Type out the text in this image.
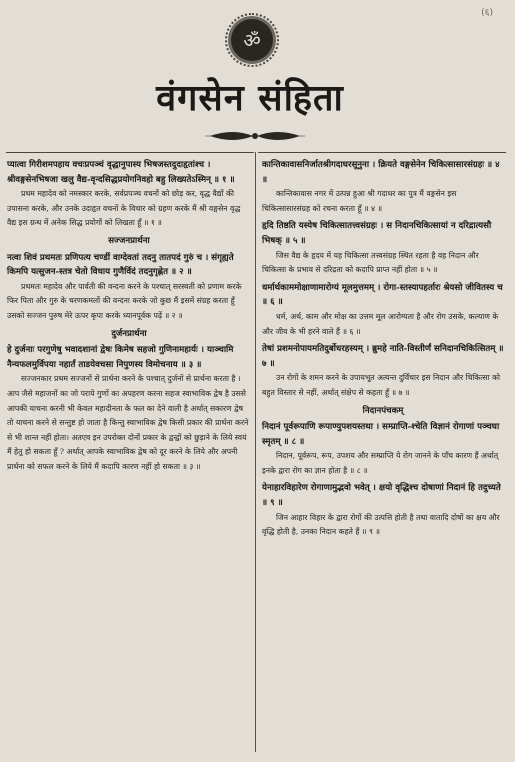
(६)
ॐ
वंगसेन संहिता
प्यात्वा गिरीशमपहाय वचःप्रपञ्चं वृद्धानुपास्य भिषजस्तदुदाहृतांश्च । श्रीवङ्गसेनभिषजा खलु वैद्य-वृन्दसिद्धप्रयोगनिवहो बहु लिख्यतेऽस्मिन् ॥ १ ॥
प्रथम महादेव को नमस्कार करके, सर्वप्रपञ्च वचनों को छोड़ कर, वृद्ध वैद्यों की उपासना करके, और उनके उदाहृत वचनों के विचार को ग्रहण करके मैं श्री वङ्गसेन वृद्ध वैद्य इस ग्रन्थ में अनेक सिद्ध प्रयोगों को लिखता हूँ ॥ १ ॥
सज्जनप्रार्थना
नत्वा शिवं प्रथमतः प्रणिपत्य चण्डीं वाग्देवतां तदनु तातपदं गुरुं च । संगृह्यते किमपि यत्सुजन-स्तत्र चेतो विधाय गुणैर्विदं तदनुगृह्णेत ॥ २ ॥
प्रथमतः महादेव और पार्वती की वन्दना करने के पश्चात् सरस्वती को प्रणाम करके फिर पिता और गुरु के चरणकमलों की वन्दना करके जो कुछ मैं इसमें संग्रह करता हूँ उसको सज्जन पुरुष मेरे ऊपर कृपा करके ध्यानपूर्वक पढ़ें ॥ २ ॥
दुर्जनप्रार्थना
हे दुर्जनाः परगुणेषु भवादशानां द्वेषः किमेष सहजो गुणिनामहार्यः । याञ्चामि नैन्यफलमुर्विपया नहार्तं ताडयेवचसा निपुणस्य विमोचनाय ॥ ३ ॥
सज्जनकार प्रथम सज्जनों से प्रार्थना करने के पश्चात् दुर्जनों से प्रार्थना करता है । आप जैसे महाजनों का जो पराये गुणों का अपहरण करना सहज स्वाभाविक द्वेष है उससे आपकी याचना करनी भी केवल महादीनता के फल का देने वाली है अर्थात् सकारण द्वेष तो याचना करने से सन्तुष्ट हो जाता है किन्तु स्वाभाविक द्वेष किसी प्रकार की प्रार्थना करने से भी शान्त नहीं होता। अतएव इन उपरोक्त दोनों प्रकार के द्वन्द्वों को छुड़ाने के लिये स्वयं मैं हेतु हो सकता हूँ ? अर्थात् आपके स्वाभाविक द्वेष को दूर करने के लिये और अपनी प्रार्थना को सफल करने के लिये मैं कदापि कारण नहीं हो सकता ॥ ३ ॥
कान्तिकावासनिर्जातश्रीगदाधरसूनुना । क्रियते वङ्गसेनेन चिकित्सासारसंग्रहः ॥ ४ ॥
कान्तिकावास नगर में उत्पन्न हुआ श्री गदाधर का पुत्र मैं वङ्गसेन इस चिकित्सासारसंग्रह को रचना करता हूँ ॥ ४ ॥
हृदि तिष्ठति यस्येष चिकित्सातत्त्वसंग्रहः । स निदानचिकित्सायां न दरिद्रात्यसौ भिषक् ॥ ५ ॥
जिस वैद्य के हृदय में यह चिकित्सा तत्त्वसंग्रह स्थित रहता है वह निदान और चिकित्सा के प्रभाव से दरिद्रता को कदापि प्राप्त नहीं होता ॥ ५ ॥
धर्मार्थकाममोक्षाणामारोग्यं मूलमुत्तमम् । रोगा-स्तस्यापहर्तारः श्रेयसो जीवितस्य च ॥ ६ ॥
धर्म, अर्थ, काम और मोक्ष का उत्तम मूल आरोग्यता है और रोग उसके, कल्याण के और जीव के भी हरने वाले हैं ॥ ६ ॥
तेषां प्रशमनोपायमतिदुर्बोधरहस्यम् । ब्रुमहे नाति-विस्तीर्णं सनिदानचिकित्सितम् ॥ ७ ॥
उन रोगों के शमन करने के उपायभूत अत्यन्त दुर्विचार इस निदान और चिकित्सा को बहुत विस्तार से नहीं, अर्थात् संक्षेप से कहता हूँ ॥ ७ ॥
निदानपंचकम्
निदानं पूर्वरूपाणि रूपाण्युपशयस्तथा । सम्प्राप्ति-श्चेति विज्ञानं रोगाणां पञ्चधा स्मृतम् ॥ ८ ॥
निदान, पूर्वरूप, रूप, उपशय और सम्प्राप्ति ये रोग जानने के पाँच कारण हैं अर्थात् इनके द्वारा रोग का ज्ञान होता है ॥ ८ ॥
येनाहारविहारेण रोगाणामुद्भवो भवेत् । क्षयो वृद्धिश्च दोषाणां निदानं हि तदुच्यते ॥ ९ ॥
जिन आहार विहार के द्वारा रोगों की उत्पत्ति होती है तथा वातादि दोषों का क्षय और वृद्धि होती है, उनका निदान कहते हैं ॥ ९ ॥
